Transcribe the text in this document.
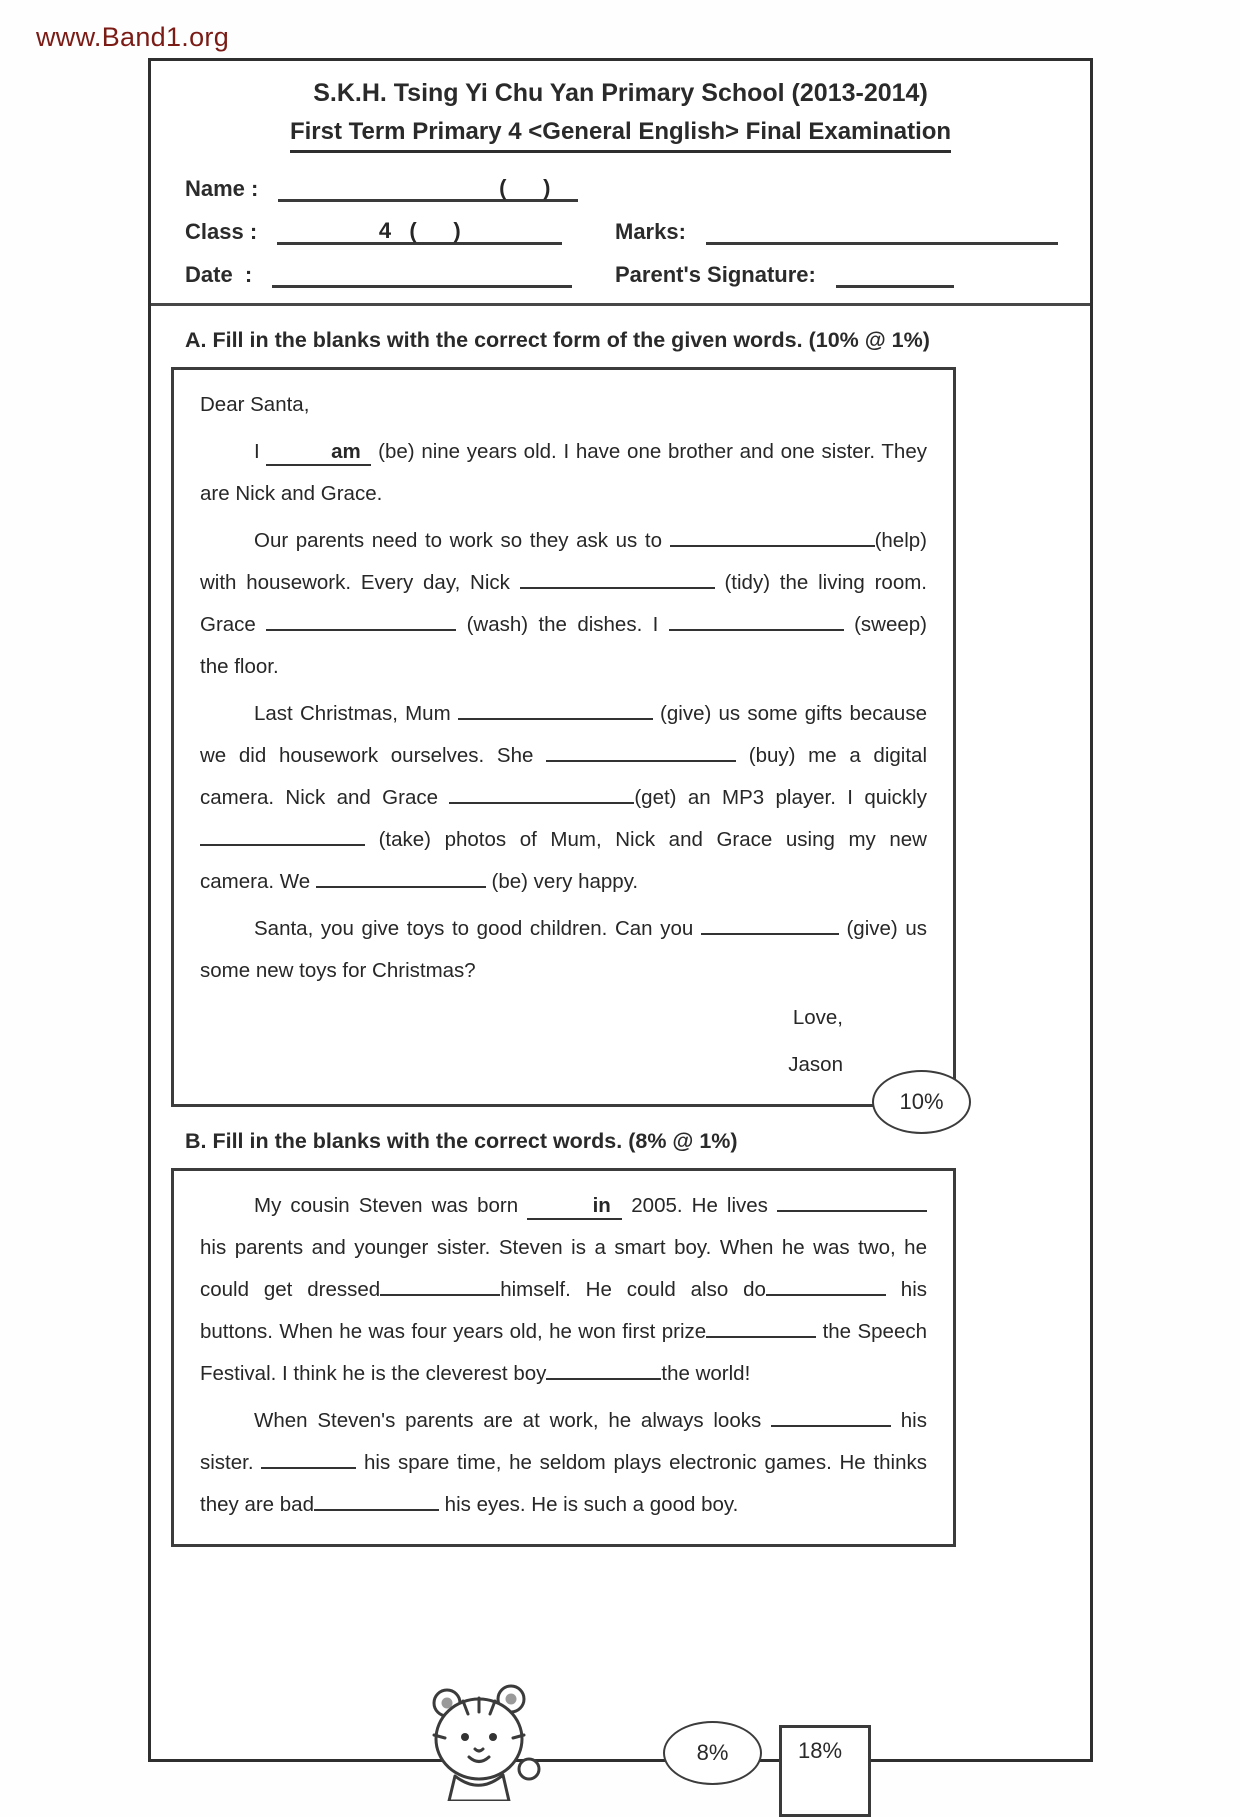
www.Band1.org
S.K.H. Tsing Yi Chu Yan Primary School (2013-2014)
First Term Primary 4 <General English> Final Examination
Name :	(      )
Class :	4   (      )	Marks:
Date  :	Parent's Signature:
A. Fill in the blanks with the correct form of the given words. (10% @ 1%)
Dear Santa,
I	am (be) nine years old. I have one brother and one sister. They are Nick and Grace.
Our parents need to work so they ask us to	(help) with housework. Every day, Nick	(tidy) the living room. Grace	(wash) the dishes. I	(sweep) the floor.
Last Christmas, Mum	(give) us some gifts because we did housework ourselves. She	(buy) me a digital camera. Nick and Grace	(get) an MP3 player. I quickly  (take) photos of Mum, Nick and Grace using my new camera. We	(be) very happy.
Santa, you give toys to good children. Can you	(give) us some new toys for Christmas?
Love,
Jason
10%
B. Fill in the blanks with the correct words. (8% @ 1%)
My cousin Steven was born	in 2005. He lives  his parents and younger sister. Steven is a smart boy. When he was two, he could get dressed	himself. He could also do	his buttons. When he was four years old, he won first prize	the Speech Festival. I think he is the cleverest boy	the world!
When Steven's parents are at work, he always looks	his sister.	his spare time, he seldom plays electronic games. He thinks they are bad	his eyes. He is such a good boy.
8%	18%
